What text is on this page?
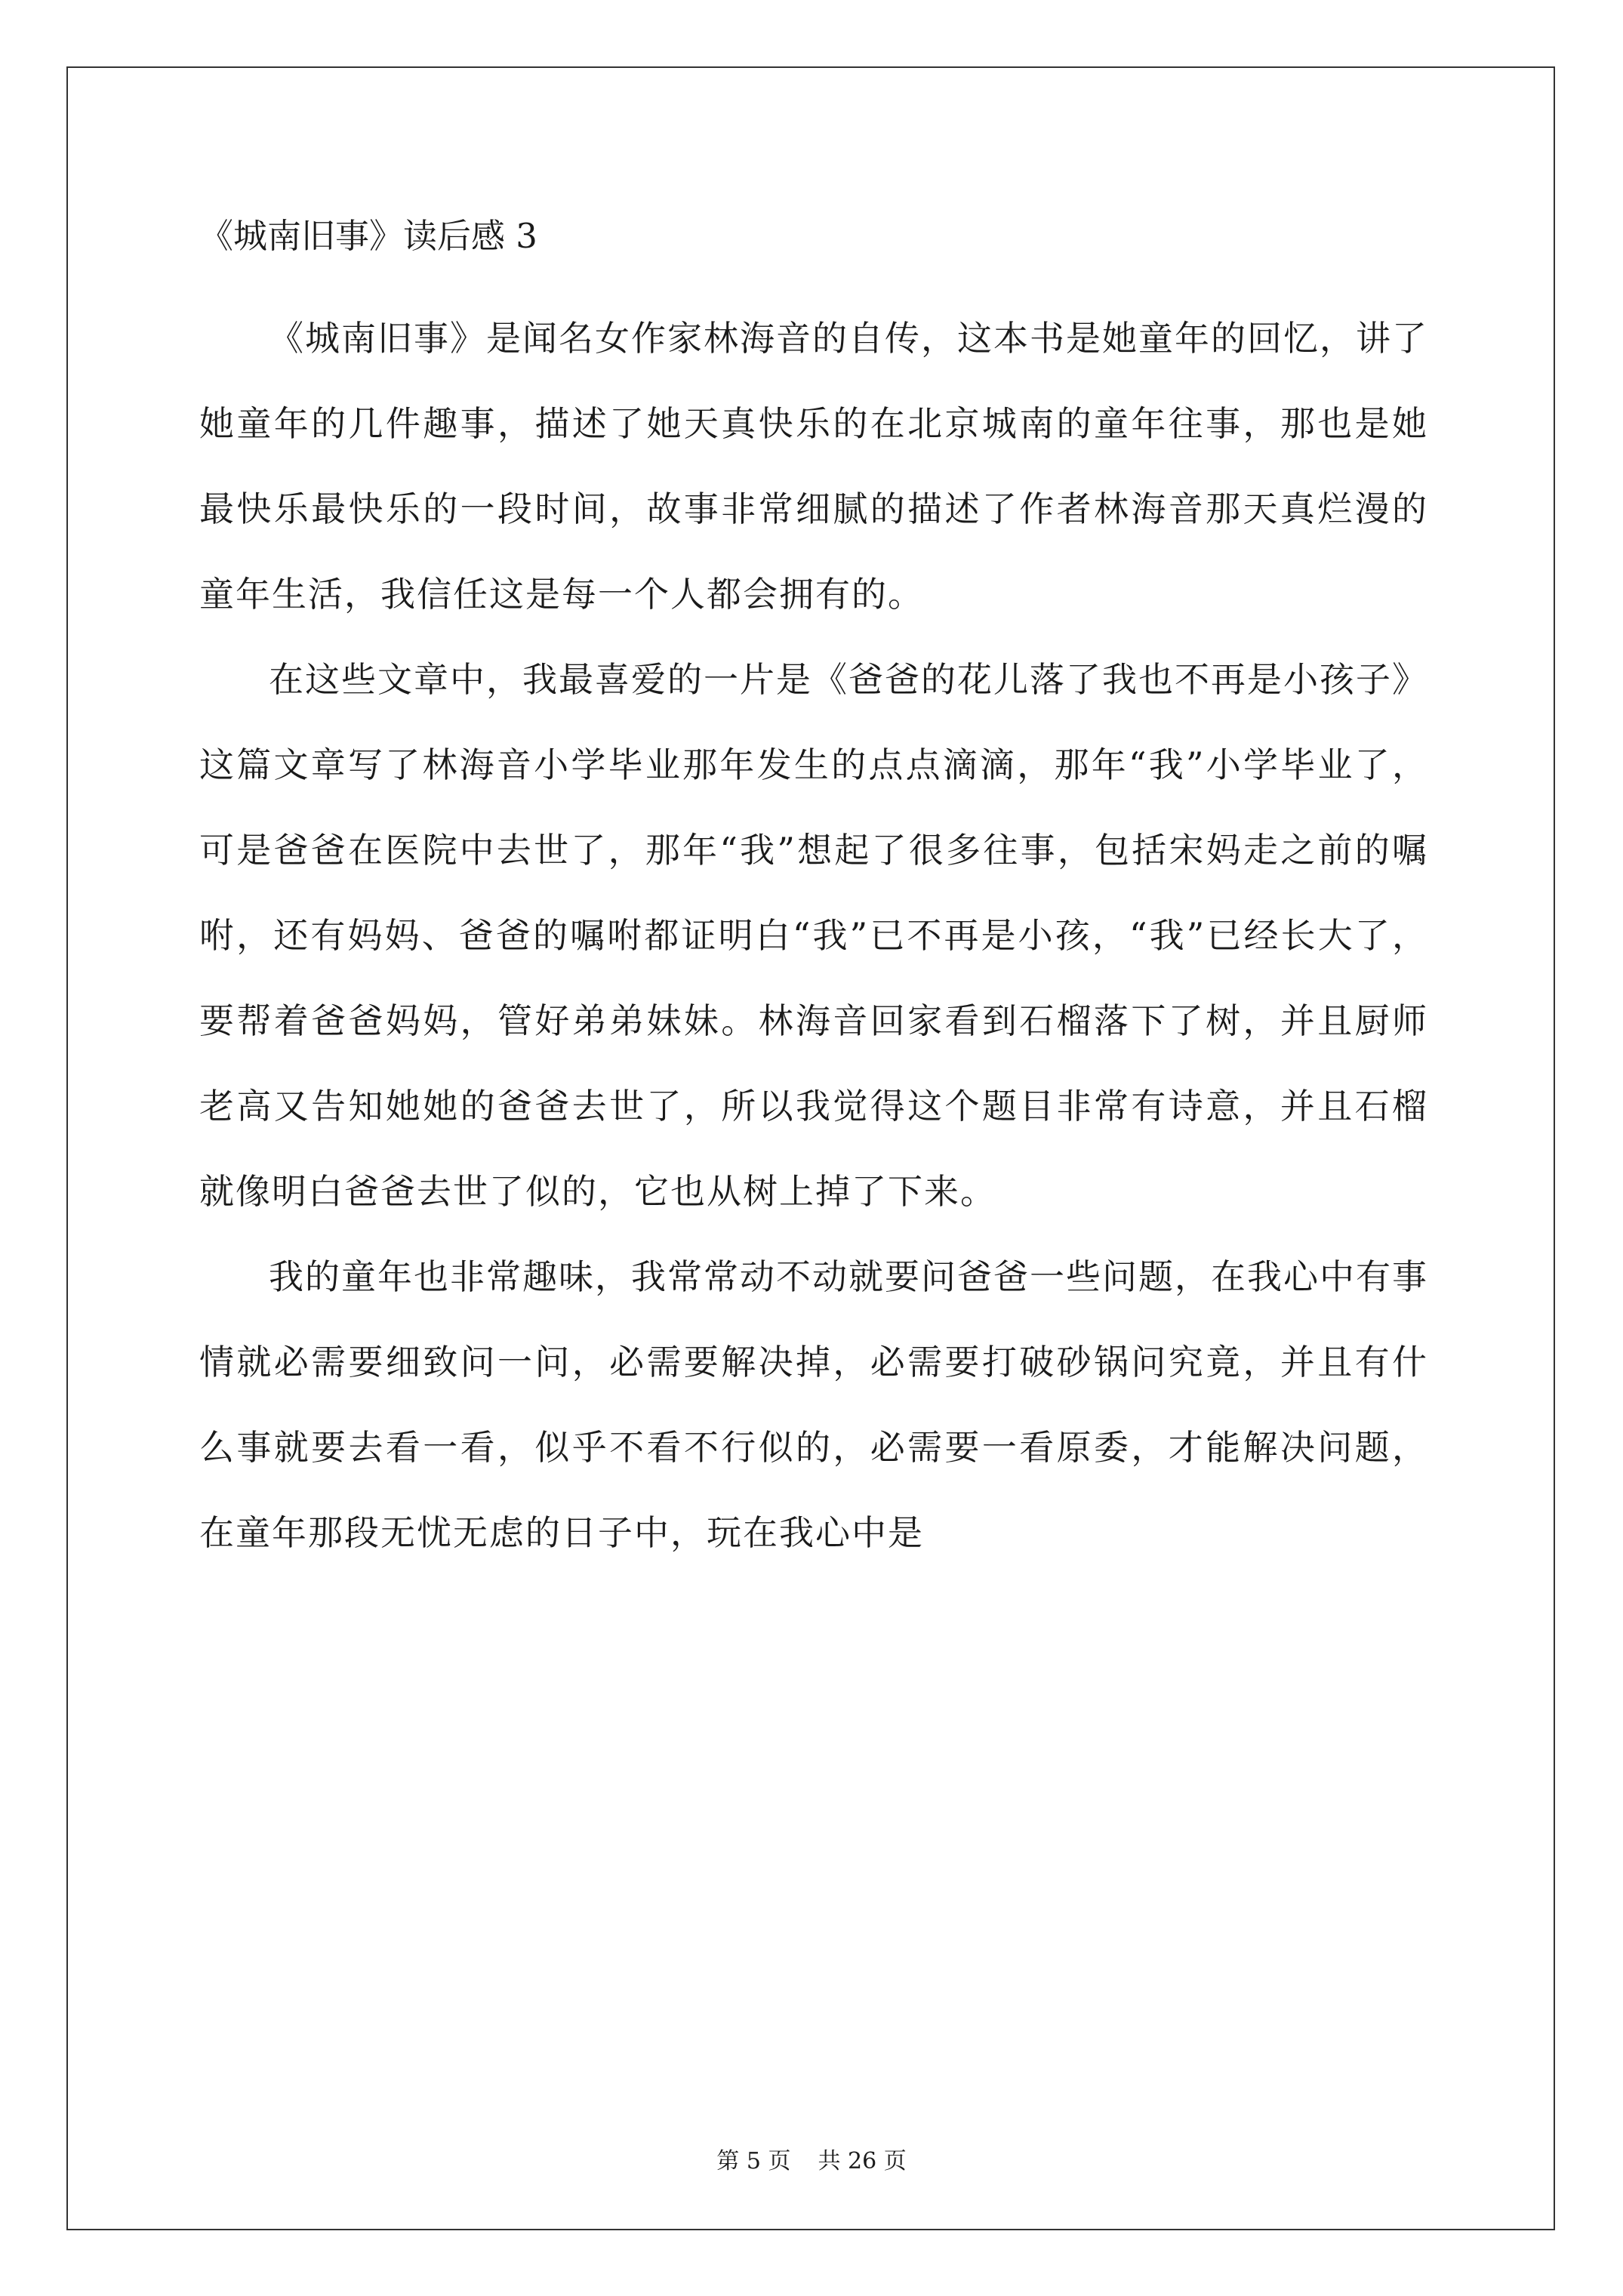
《城南旧事》读后感 3

《城南旧事》是闻名女作家林海音的自传，这本书是她童年的回忆，讲了她童年的几件趣事，描述了她天真快乐的在北京城南的童年往事，那也是她最快乐最快乐的一段时间，故事非常细腻的描述了作者林海音那天真烂漫的童年生活，我信任这是每一个人都会拥有的。

在这些文章中，我最喜爱的一片是《爸爸的花儿落了我也不再是小孩子》这篇文章写了林海音小学毕业那年发生的点点滴滴，那年“我”小学毕业了，可是爸爸在医院中去世了，那年“我”想起了很多往事，包括宋妈走之前的嘱咐，还有妈妈、爸爸的嘱咐都证明白“我”已不再是小孩，“我”已经长大了，要帮着爸爸妈妈，管好弟弟妹妹。林海音回家看到石榴落下了树，并且厨师老高又告知她她的爸爸去世了，所以我觉得这个题目非常有诗意，并且石榴就像明白爸爸去世了似的，它也从树上掉了下来。

我的童年也非常趣味，我常常动不动就要问爸爸一些问题，在我心中有事情就必需要细致问一问，必需要解决掉，必需要打破砂锅问究竟，并且有什么事就要去看一看，似乎不看不行似的，必需要一看原委，才能解决问题，在童年那段无忧无虑的日子中，玩在我心中是

第 5 页 共 26 页
